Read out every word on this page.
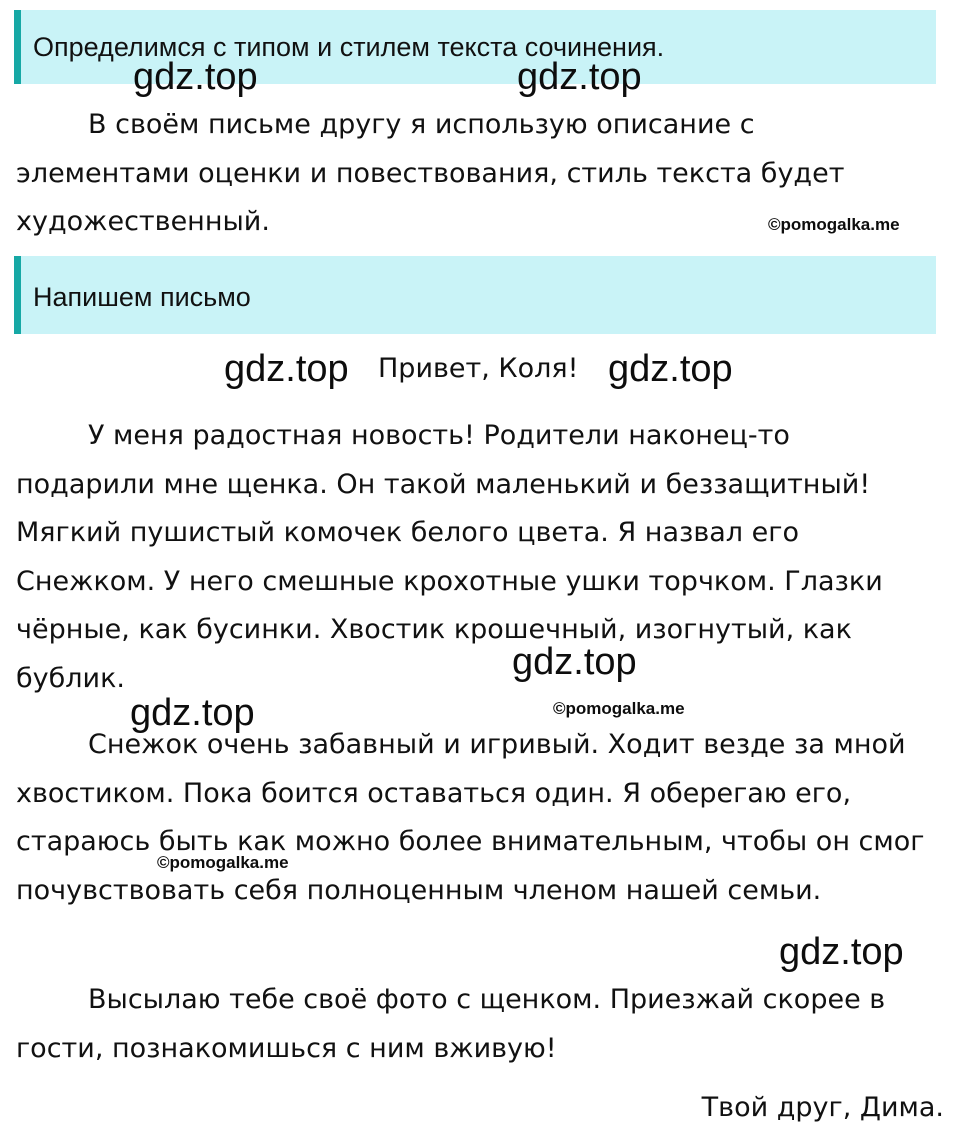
Определимся с типом и стилем текста сочинения.

В своём письме другу я использую описание с элементами оценки и повествования, стиль текста будет художественный.

Напишем письмо
Привет, Коля!

У меня радостная новость! Родители наконец-то подарили мне щенка. Он такой маленький и беззащитный! Мягкий пушистый комочек белого цвета. Я назвал его Снежком. У него смешные крохотные ушки торчком. Глазки чёрные, как бусинки. Хвостик крошечный, изогнутый, как бублик.

Снежок очень забавный и игривый. Ходит везде за мной хвостиком. Пока боится оставаться один. Я оберегаю его, стараюсь быть как можно более внимательным, чтобы он смог почувствовать себя полноценным членом нашей семьи.

Высылаю тебе своё фото с щенком. Приезжай скорее в гости, познакомишься с ним вживую!

Твой друг, Дима.
gdz.top	gdz.top
©pomogalka.me
gdz.top	gdz.top
gdz.top
©pomogalka.me
gdz.top
©pomogalka.me
gdz.top
